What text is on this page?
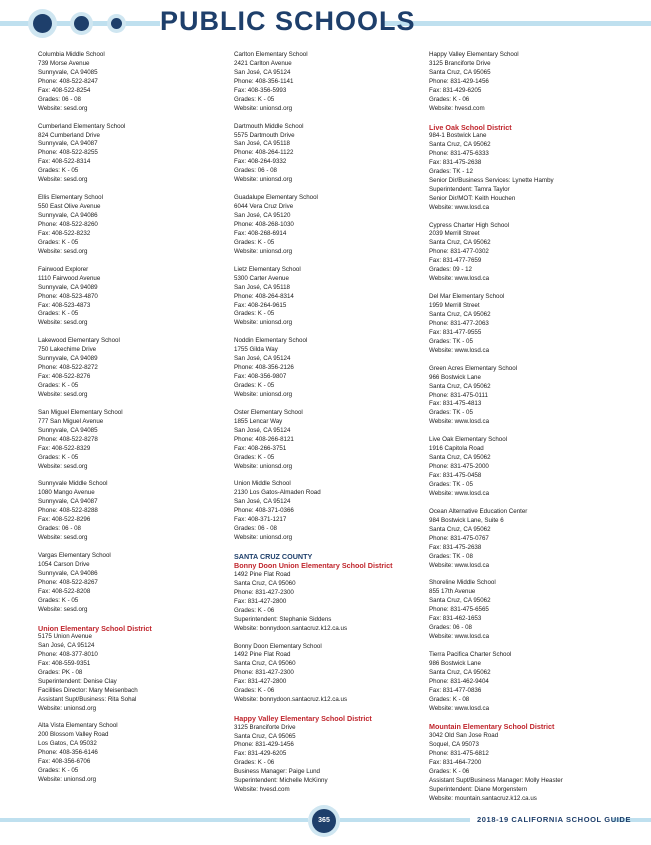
PUBLIC SCHOOLS
Columbia Middle School
739 Morse Avenue
Sunnyvale, CA 94085
Phone: 408-522-8247
Fax: 408-522-8254
Grades: 06 - 08
Website: sesd.org
Cumberland Elementary School
824 Cumberland Drive
Sunnyvale, CA 94087
Phone: 408-522-8255
Fax: 408-522-8314
Grades: K - 05
Website: sesd.org
Ellis Elementary School
550 East Olive Avenue
Sunnyvale, CA 94086
Phone: 408-522-8260
Fax: 408-522-8232
Grades: K - 05
Website: sesd.org
Fairwood Explorer
1110 Fairwood Avenue
Sunnyvale, CA 94089
Phone: 408-523-4870
Fax: 408-523-4873
Grades: K - 05
Website: sesd.org
Lakewood Elementary School
750 Lakechime Drive
Sunnyvale, CA 94089
Phone: 408-522-8272
Fax: 408-522-8276
Grades: K - 05
Website: sesd.org
San Miguel Elementary School
777 San Miguel Avenue
Sunnyvale, CA 94085
Phone: 408-522-8278
Fax: 408-522-8329
Grades: K - 05
Website: sesd.org
Sunnyvale Middle School
1080 Mango Avenue
Sunnyvale, CA 94087
Phone: 408-522-8288
Fax: 408-522-8296
Grades: 06 - 08
Website: sesd.org
Vargas Elementary School
1054 Carson Drive
Sunnyvale, CA 94086
Phone: 408-522-8267
Fax: 408-522-8208
Grades: K - 05
Website: sesd.org
Union Elementary School District
5175 Union Avenue
San José, CA 95124
Phone: 408-377-8010
Fax: 408-559-9351
Grades: PK - 08
Superintendent: Denise Clay
Facilities Director: Mary Meisenbach
Assistant Supt/Business: Rita Sohal
Website: unionsd.org
Alta Vista Elementary School
200 Blossom Valley Road
Los Gatos, CA 95032
Phone: 408-356-6146
Fax: 408-356-6706
Grades: K - 05
Website: unionsd.org
Carlton Elementary School
2421 Carlton Avenue
San José, CA 95124
Phone: 408-356-1141
Fax: 408-356-5993
Grades: K - 05
Website: unionsd.org
Dartmouth Middle School
5575 Dartmouth Drive
San José, CA 95118
Phone: 408-264-1122
Fax: 408-264-9332
Grades: 06 - 08
Website: unionsd.org
Guadalupe Elementary School
6044 Vera Cruz Drive
San José, CA 95120
Phone: 408-268-1030
Fax: 408-268-6914
Grades: K - 05
Website: unionsd.org
Lietz Elementary School
5300 Carter Avenue
San José, CA 95118
Phone: 408-264-8314
Fax: 408-264-9615
Grades: K - 05
Website: unionsd.org
Noddin Elementary School
1755 Gilda Way
San José, CA 95124
Phone: 408-356-2126
Fax: 408-356-9807
Grades: K - 05
Website: unionsd.org
Oster Elementary School
1855 Lencar Way
San José, CA 95124
Phone: 408-266-8121
Fax: 408-266-3751
Grades: K - 05
Website: unionsd.org
Union Middle School
2130 Los Gatos-Almaden Road
San José, CA 95124
Phone: 408-371-0366
Fax: 408-371-1217
Grades: 06 - 08
Website: unionsd.org
SANTA CRUZ COUNTY
Bonny Doon Union Elementary School District
1492 Pine Flat Road
Santa Cruz, CA 95060
Phone: 831-427-2300
Fax: 831-427-2800
Grades: K - 06
Superintendent: Stephanie Siddens
Website: bonnydoon.santacruz.k12.ca.us
Bonny Doon Elementary School
1492 Pine Flat Road
Santa Cruz, CA 95060
Phone: 831-427-2300
Fax: 831-427-2800
Grades: K - 06
Website: bonnydoon.santacruz.k12.ca.us
Happy Valley Elementary School District
3125 Branciforte Drive
Santa Cruz, CA 95065
Phone: 831-429-1456
Fax: 831-429-6205
Grades: K - 06
Business Manager: Paige Lund
Superintendent: Michelle McKinny
Website: hvesd.com
Happy Valley Elementary School
3125 Branciforte Drive
Santa Cruz, CA 95065
Phone: 831-429-1456
Fax: 831-429-6205
Grades: K - 06
Website: hvesd.com
Live Oak School District
984-1 Bostwick Lane
Santa Cruz, CA 95062
Phone: 831-475-6333
Fax: 831-475-2638
Grades: TK - 12
Senior Dir/Business Services: Lynette Hamby
Superintendent: Tamra Taylor
Senior Dir/MOT: Keith Houchen
Website: www.losd.ca
Cypress Charter High School
2039 Merrill Street
Santa Cruz, CA 95062
Phone: 831-477-0302
Fax: 831-477-7659
Grades: 09 - 12
Website: www.losd.ca
Del Mar Elementary School
1959 Merrill Street
Santa Cruz, CA 95062
Phone: 831-477-2063
Fax: 831-477-9555
Grades: TK - 05
Website: www.losd.ca
Green Acres Elementary School
966 Bostwick Lane
Santa Cruz, CA 95062
Phone: 831-475-0111
Fax: 831-475-4813
Grades: TK - 05
Website: www.losd.ca
Live Oak Elementary School
1916 Capitola Road
Santa Cruz, CA 95062
Phone: 831-475-2000
Fax: 831-475-0458
Grades: TK - 05
Website: www.losd.ca
Ocean Alternative Education Center
984 Bostwick Lane, Suite 6
Santa Cruz, CA 95062
Phone: 831-475-0767
Fax: 831-475-2638
Grades: TK - 08
Website: www.losd.ca
Shoreline Middle School
855 17th Avenue
Santa Cruz, CA 95062
Phone: 831-475-6565
Fax: 831-462-1653
Grades: 06 - 08
Website: www.losd.ca
Tierra Pacifica Charter School
986 Bostwick Lane
Santa Cruz, CA 95062
Phone: 831-462-9404
Fax: 831-477-0836
Grades: K - 08
Website: www.losd.ca
Mountain Elementary School District
3042 Old San Jose Road
Soquel, CA 95073
Phone: 831-475-6812
Fax: 831-464-7200
Grades: K - 06
Assistant Supt/Business Manager: Molly Heaster
Superintendent: Diane Morgenstern
Website: mountain.santacruz.k12.ca.us
365	2018-19 CALIFORNIA SCHOOL GUIDE
